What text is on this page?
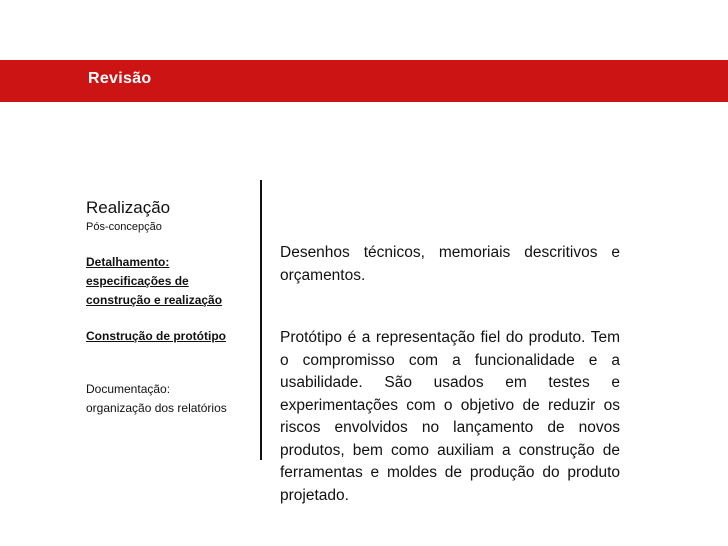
Revisão
Realização
Pós-concepção
Detalhamento:
especificações de
construção e realização
Construção de protótipo
Documentação:
organização dos relatórios
Desenhos técnicos, memoriais descritivos e orçamentos.
Protótipo é a representação fiel do produto. Tem o compromisso com a funcionalidade e a usabilidade. São usados em testes e experimentações com o objetivo de reduzir os riscos envolvidos no lançamento de novos produtos, bem como auxiliam a construção de ferramentas e moldes de produção do produto projetado.
